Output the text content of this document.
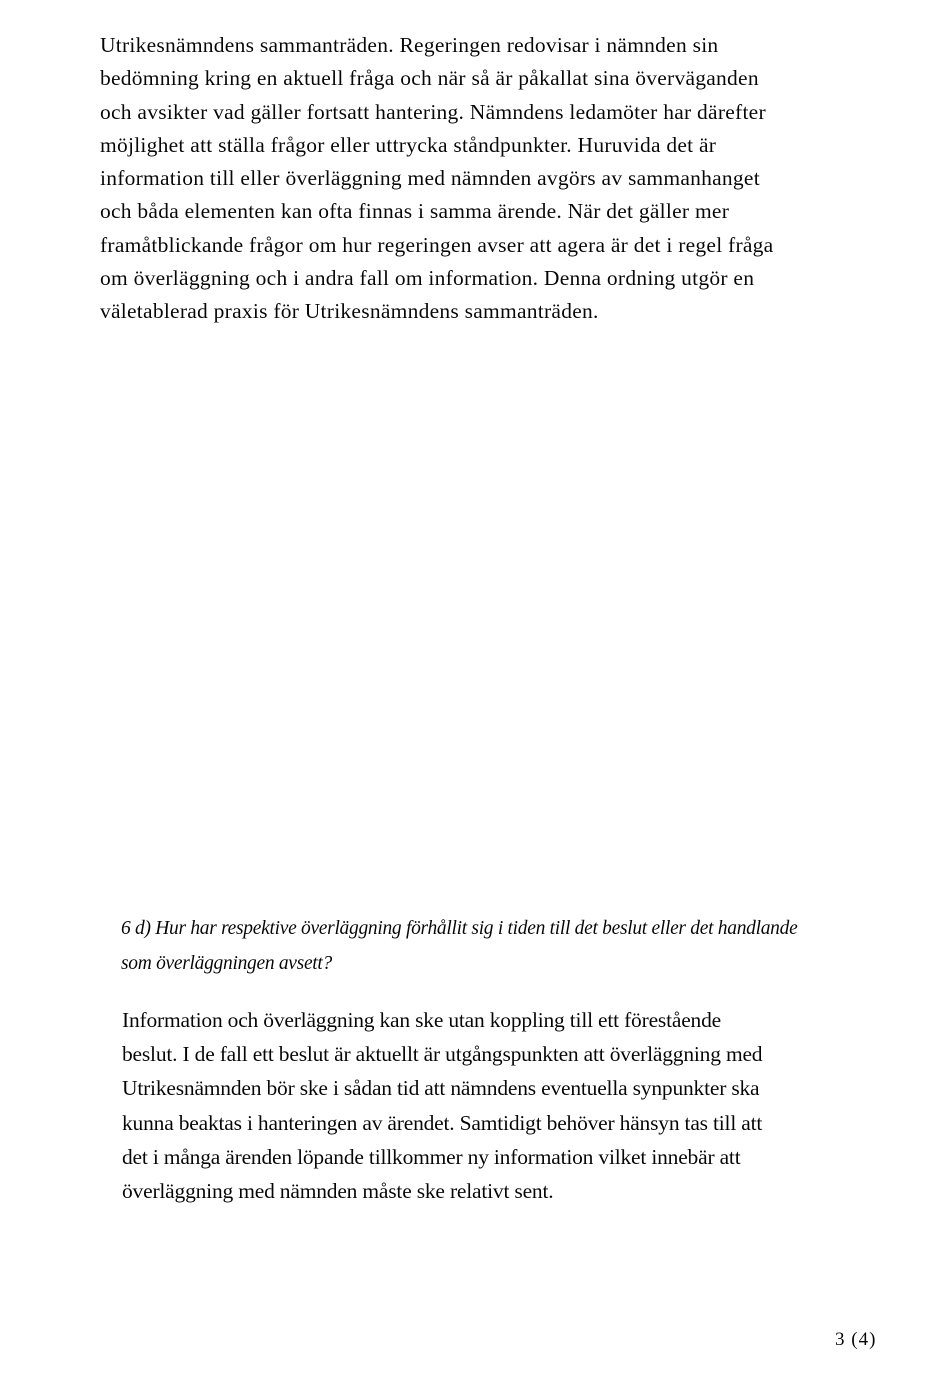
Utrikesnämndens sammanträden. Regeringen redovisar i nämnden sin
bedömning kring en aktuell fråga och när så är påkallat sina överväganden
och avsikter vad gäller fortsatt hantering. Nämndens ledamöter har därefter
möjlighet att ställa frågor eller uttrycka ståndpunkter. Huruvida det är
information till eller överläggning med nämnden avgörs av sammanhanget
och båda elementen kan ofta finnas i samma ärende. När det gäller mer
framåtblickande frågor om hur regeringen avser att agera är det i regel fråga
om överläggning och i andra fall om information. Denna ordning utgör en
väletablerad praxis för Utrikesnämndens sammanträden.
6 d) Hur har respektive överläggning förhållit sig i tiden till det beslut eller det handlande
som överläggningen avsett?
Information och överläggning kan ske utan koppling till ett förestående
beslut. I de fall ett beslut är aktuellt är utgångspunkten att överläggning med
Utrikesnämnden bör ske i sådan tid att nämndens eventuella synpunkter ska
kunna beaktas i hanteringen av ärendet. Samtidigt behöver hänsyn tas till att
det i många ärenden löpande tillkommer ny information vilket innebär att
överläggning med nämnden måste ske relativt sent.
3 (4)
